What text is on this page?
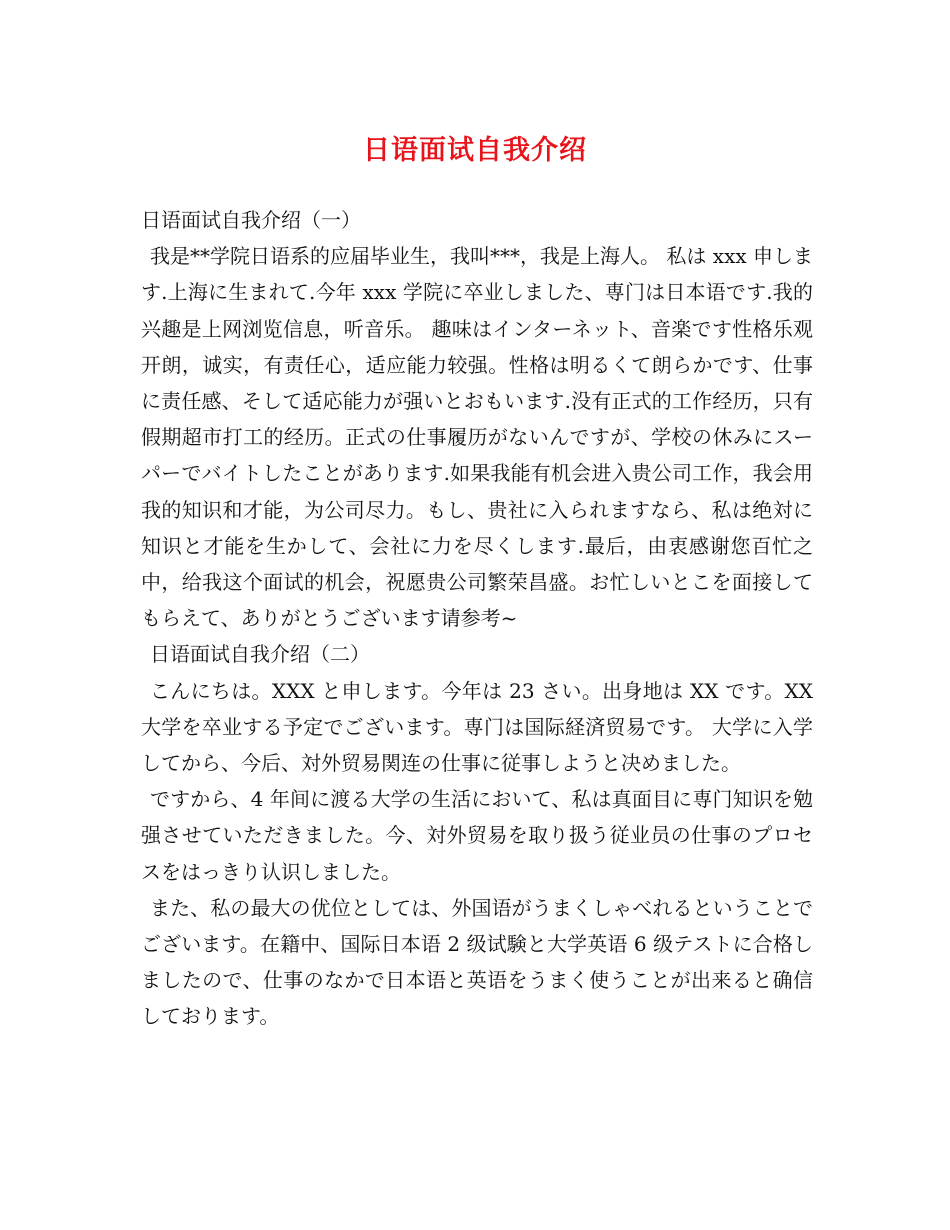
日语面试自我介绍

日语面试自我介绍（一）

我是**学院日语系的应届毕业生，我叫***，我是上海人。 私は xxx 申します.上海に生まれて.今年 xxx 学院に卒业しました、専门は日本语です.我的兴趣是上网浏览信息，听音乐。 趣味はインターネット、音楽です性格乐观开朗，诚实，有责任心，适应能力较强。性格は明るくて朗らかです、仕事に责任感、そして适応能力が强いとおもいます.没有正式的工作经历，只有假期超市打工的经历。正式の仕事履历がないんですが、学校の休みにスーパーでバイトしたことがあります.如果我能有机会进入贵公司工作，我会用我的知识和才能，为公司尽力。もし、贵社に入られますなら、私は绝対に知识と才能を生かして、会社に力を尽くします.最后，由衷感谢您百忙之中，给我这个面试的机会，祝愿贵公司繁荣昌盛。お忙しいとこを面接してもらえて、ありがとうございます请参考~

日语面试自我介绍（二）

こんにちは。XXX と申します。今年は 23 さい。出身地は XX です。XX 大学を卒业する予定でございます。専门は国际経済贸易です。 大学に入学してから、今后、対外贸易関连の仕事に従事しようと决めました。

ですから、4 年间に渡る大学の生活において、私は真面目に専门知识を勉强させていただきました。今、対外贸易を取り扱う従业员の仕事のプロセスをはっきり认识しました。

また、私の最大の优位としては、外国语がうまくしゃべれるということでございます。在籍中、国际日本语 2 级试験と大学英语 6 级テストに合格しましたので、仕事のなかで日本语と英语をうまく使うことが出来ると确信しております。
